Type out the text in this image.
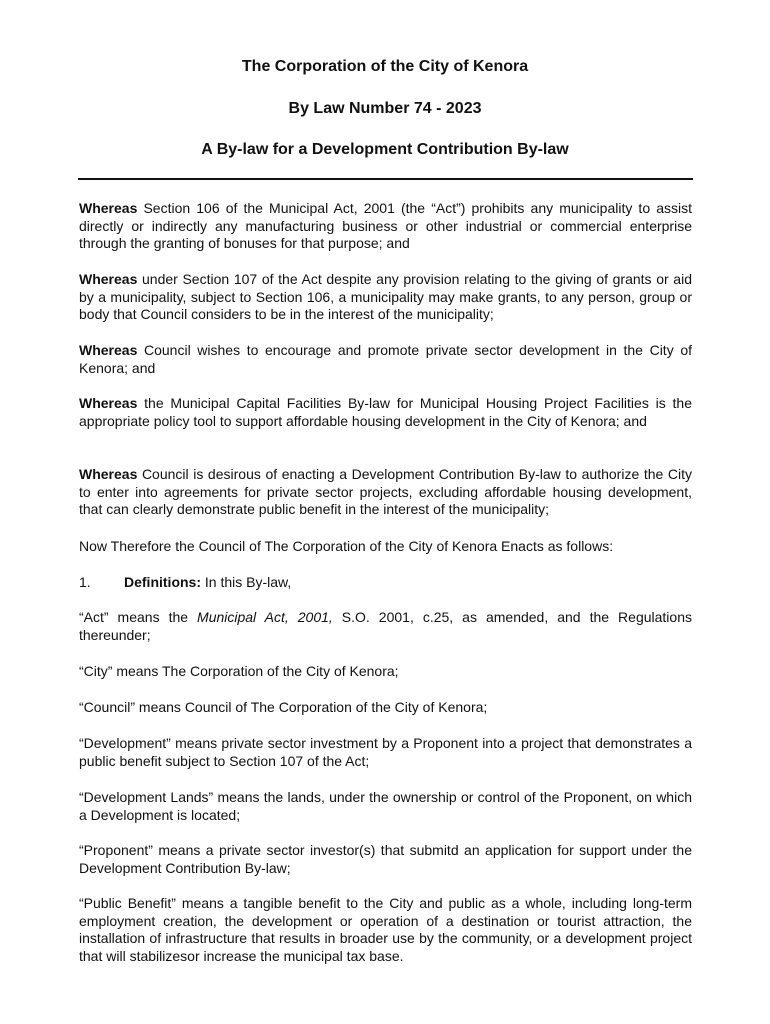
The Corporation of the City of Kenora
By Law Number 74 - 2023
A By-law for a Development Contribution By-law

Whereas Section 106 of the Municipal Act, 2001 (the “Act”) prohibits any municipality to assist directly or indirectly any manufacturing business or other industrial or commercial enterprise through the granting of bonuses for that purpose; and

Whereas under Section 107 of the Act despite any provision relating to the giving of grants or aid by a municipality, subject to Section 106, a municipality may make grants, to any person, group or body that Council considers to be in the interest of the municipality;

Whereas Council wishes to encourage and promote private sector development in the City of Kenora; and

Whereas the Municipal Capital Facilities By-law for Municipal Housing Project Facilities is the appropriate policy tool to support affordable housing development in the City of Kenora; and

Whereas Council is desirous of enacting a Development Contribution By-law to authorize the City to enter into agreements for private sector projects, excluding affordable housing development, that can clearly demonstrate public benefit in the interest of the municipality;

Now Therefore the Council of The Corporation of the City of Kenora Enacts as follows:

1. Definitions: In this By-law,

“Act” means the Municipal Act, 2001, S.O. 2001, c.25, as amended, and the Regulations thereunder;

“City” means The Corporation of the City of Kenora;

“Council” means Council of The Corporation of the City of Kenora;

“Development” means private sector investment by a Proponent into a project that demonstrates a public benefit subject to Section 107 of the Act;

“Development Lands” means the lands, under the ownership or control of the Proponent, on which a Development is located;

“Proponent” means a private sector investor(s) that submitd an application for support under the Development Contribution By-law;

“Public Benefit” means a tangible benefit to the City and public as a whole, including long-term employment creation, the development or operation of a destination or tourist attraction, the installation of infrastructure that results in broader use by the community, or a development project that will stabilizesor increase the municipal tax base.
